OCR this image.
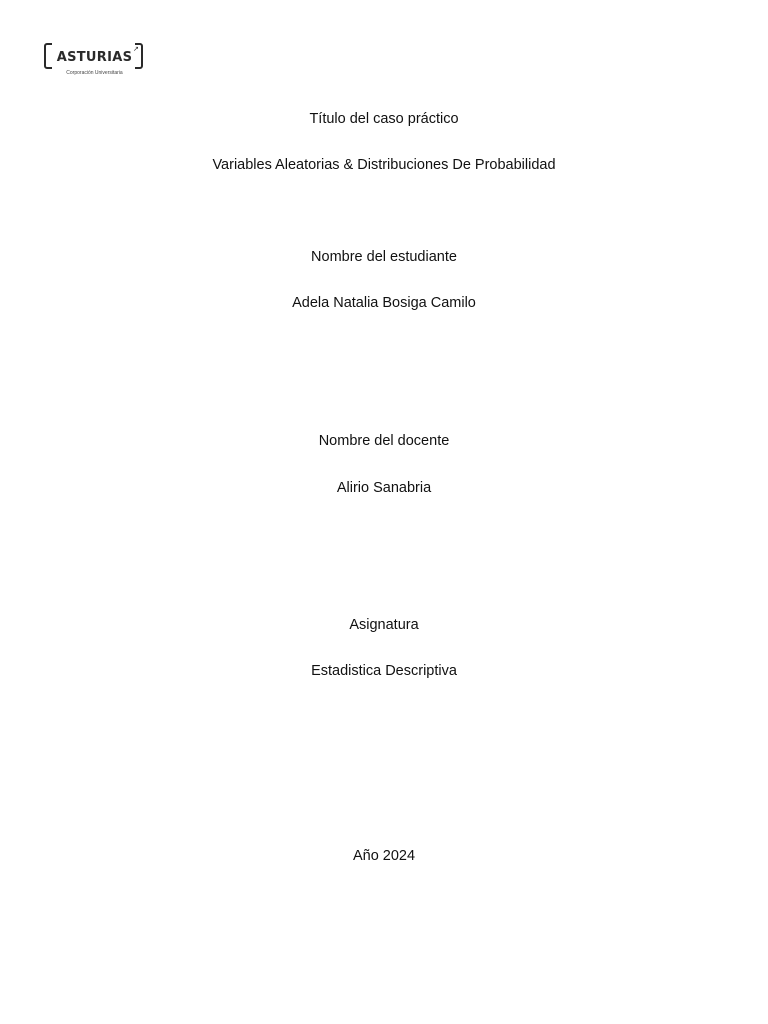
ASTURIAS
↗
Corporación Universitaria
Título del caso práctico
Variables Aleatorias & Distribuciones De Probabilidad
Nombre del estudiante
Adela Natalia Bosiga Camilo
Nombre del docente
Alirio Sanabria
Asignatura
Estadistica Descriptiva
Año 2024
